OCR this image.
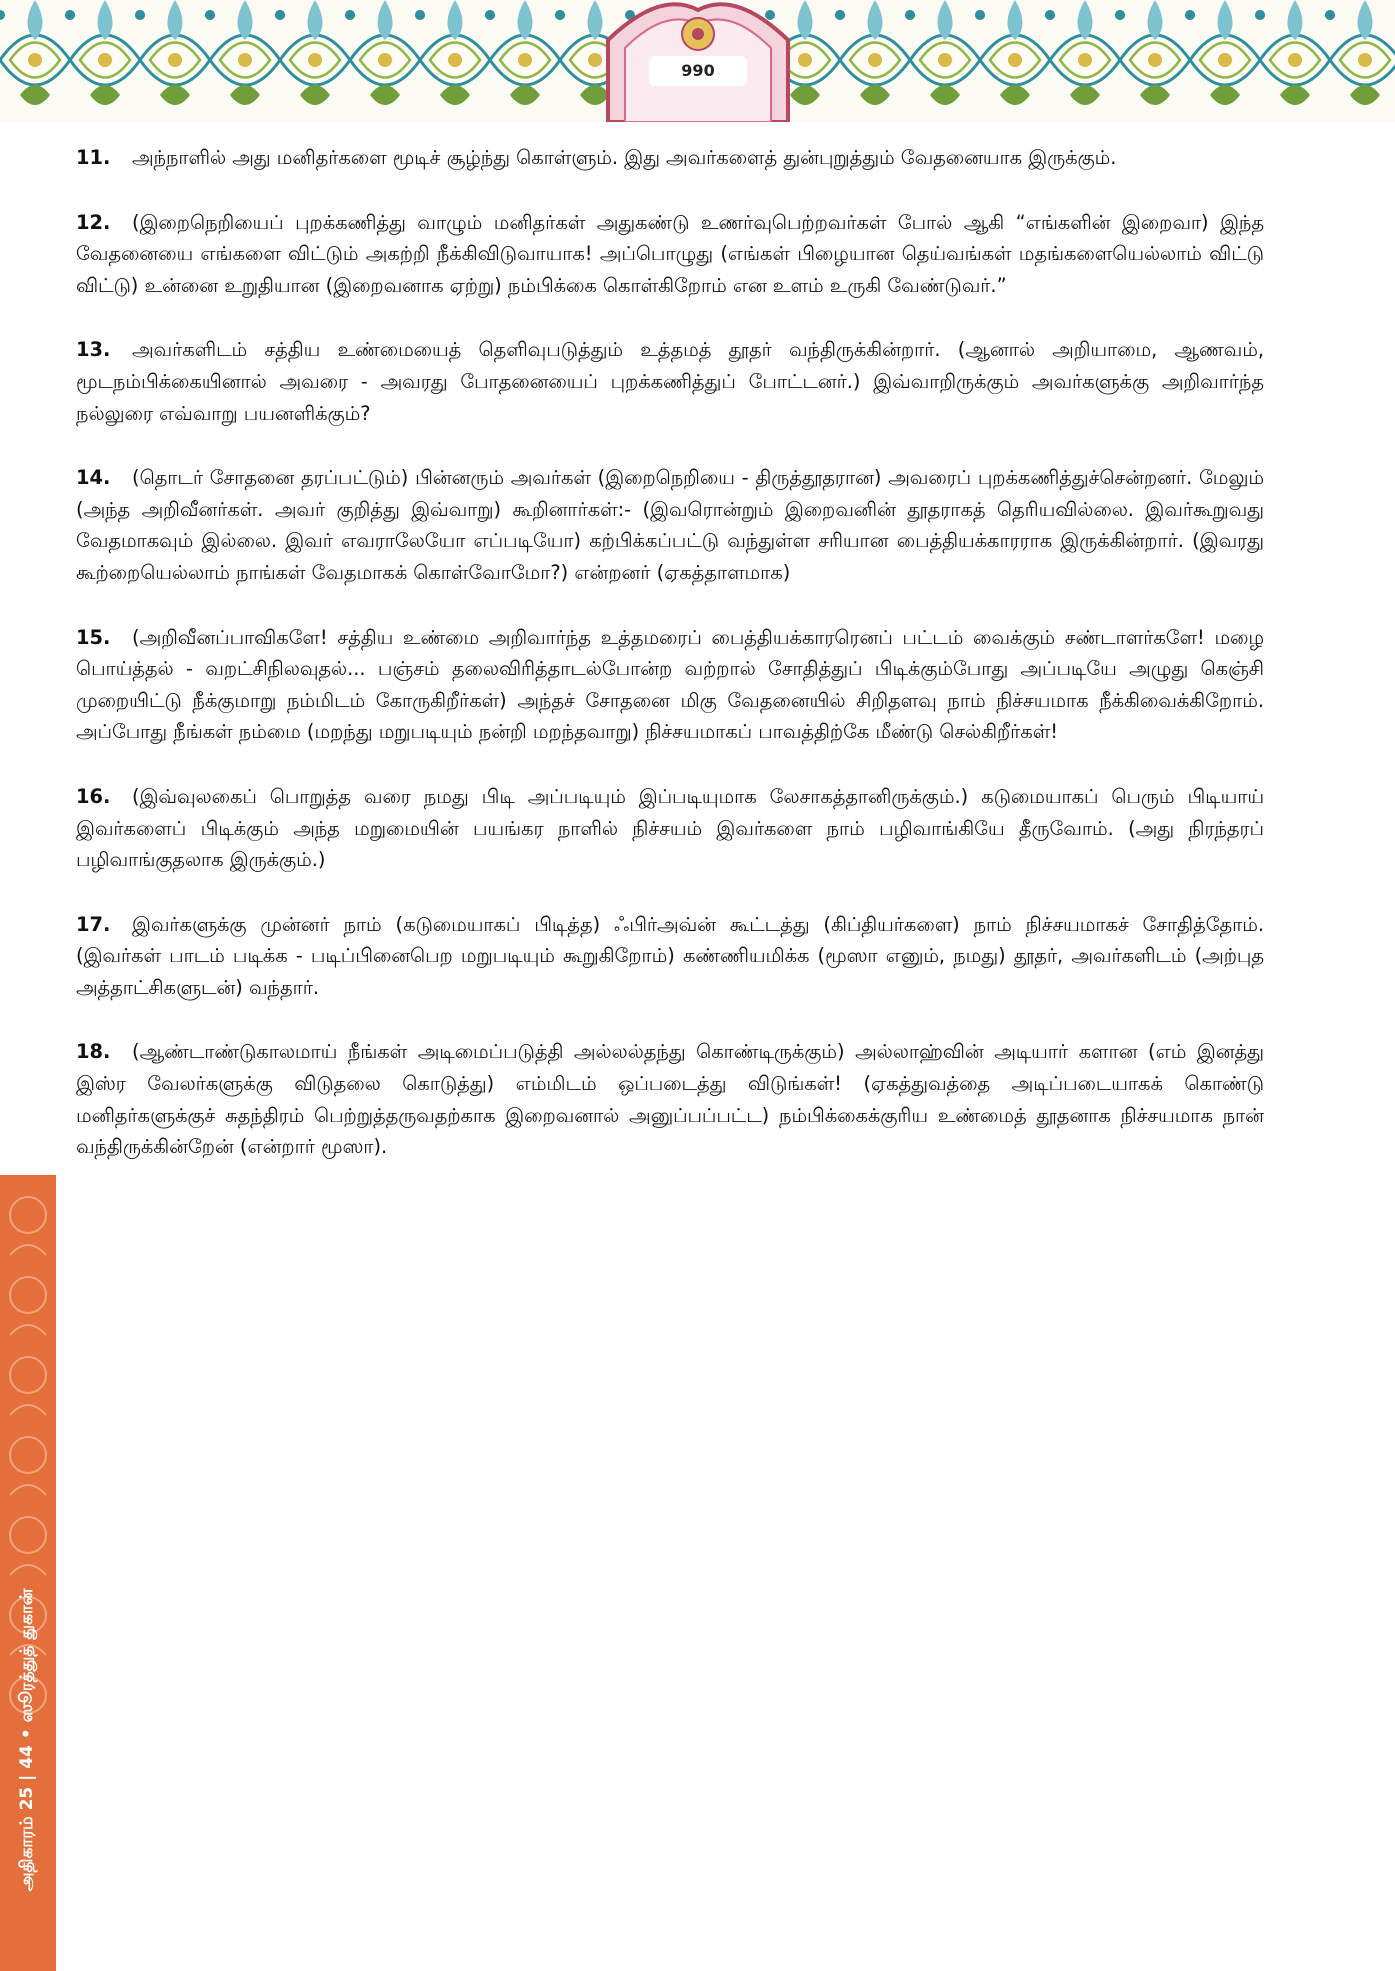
990
அதிகாரம் 25 | 44 • ஸூரத்துத் துகான்

11. அந்நாளில் அது மனிதர்களை மூடிச் சூழ்ந்து கொள்ளும். இது அவர்களைத் துன்புறுத்தும் வேதனையாக இருக்கும்.

12. (இறைநெறியைப் புறக்கணித்து வாழும் மனிதர்கள் அதுகண்டு உணர்வுபெற்றவர்கள் போல் ஆகி “எங்களின் இறைவா) இந்த வேதனையை எங்களை விட்டும் அகற்றி நீக்கிவிடுவாயாக! அப்பொழுது (எங்கள் பிழையான தெய்வங்கள் மதங்களையெல்லாம் விட்டு விட்டு) உன்னை உறுதியான (இறைவனாக ஏற்று) நம்பிக்கை கொள்கிறோம் என உளம் உருகி வேண்டுவர்.”

13. அவர்களிடம் சத்திய உண்மையைத் தெளிவுபடுத்தும் உத்தமத் தூதர் வந்திருக்கின்றார். (ஆனால் அறியாமை, ஆணவம், மூடநம்பிக்கையினால் அவரை - அவரது போதனையைப் புறக்கணித்துப் போட்டனர்.) இவ்வாறிருக்கும் அவர்களுக்கு அறிவார்ந்த நல்லுரை எவ்வாறு பயனளிக்கும்?

14. (தொடர் சோதனை தரப்பட்டும்) பின்னரும் அவர்கள் (இறைநெறியை - திருத்தூதரான) அவரைப் புறக்கணித்துச்சென்றனர். மேலும் (அந்த அறிவீனர்கள். அவர் குறித்து இவ்வாறு) கூறினார்கள்:- (இவரொன்றும் இறைவனின் தூதராகத் தெரியவில்லை. இவர்கூறுவது வேதமாகவும் இல்லை. இவர் எவராலேயோ எப்படியோ) கற்பிக்கப்பட்டு வந்துள்ள சரியான பைத்தியக்காரராக இருக்கின்றார். (இவரது கூற்றையெல்லாம் நாங்கள் வேதமாகக் கொள்வோமோ?) என்றனர் (ஏகத்தாளமாக)

15. (அறிவீனப்பாவிகளே! சத்திய உண்மை அறிவார்ந்த உத்தமரைப் பைத்தியக்காரரெனப் பட்டம் வைக்கும் சண்டாளர்களே! மழை பொய்த்தல் - வறட்சிநிலவுதல்... பஞ்சம் தலைவிரித்தாடல்போன்ற வற்றால் சோதித்துப் பிடிக்கும்போது அப்படியே அழுது கெஞ்சி முறையிட்டு நீக்குமாறு நம்மிடம் கோருகிறீர்கள்) அந்தச் சோதனை மிகு வேதனையில் சிறிதளவு நாம் நிச்சயமாக நீக்கிவைக்கிறோம். அப்போது நீங்கள் நம்மை (மறந்து மறுபடியும் நன்றி மறந்தவாறு) நிச்சயமாகப் பாவத்திற்கே மீண்டு செல்கிறீர்கள்!

16. (இவ்வுலகைப் பொறுத்த வரை நமது பிடி அப்படியும் இப்படியுமாக லேசாகத்தானிருக்கும்.) கடுமையாகப் பெரும் பிடியாய் இவர்களைப் பிடிக்கும் அந்த மறுமையின் பயங்கர நாளில் நிச்சயம் இவர்களை நாம் பழிவாங்கியே தீருவோம். (அது நிரந்தரப் பழிவாங்குதலாக இருக்கும்.)

17. இவர்களுக்கு முன்னர் நாம் (கடுமையாகப் பிடித்த) ஃபிர்அவ்ன் கூட்டத்து (கிப்தியர்களை) நாம் நிச்சயமாகச் சோதித்தோம். (இவர்கள் பாடம் படிக்க - படிப்பினைபெற மறுபடியும் கூறுகிறோம்) கண்ணியமிக்க (மூஸா எனும், நமது) தூதர், அவர்களிடம் (அற்புத அத்தாட்சிகளுடன்) வந்தார்.

18. (ஆண்டாண்டுகாலமாய் நீங்கள் அடிமைப்படுத்தி அல்லல்தந்து கொண்டிருக்கும்) அல்லாஹ்வின் அடியார் களான (எம் இனத்து இஸ்ர வேலர்களுக்கு விடுதலை கொடுத்து) எம்மிடம் ஒப்படைத்து விடுங்கள்! (ஏகத்துவத்தை அடிப்படையாகக் கொண்டு மனிதர்களுக்குச் சுதந்திரம் பெற்றுத்தருவதற்காக இறைவனால் அனுப்பப்பட்ட) நம்பிக்கைக்குரிய உண்மைத் தூதனாக நிச்சயமாக நான் வந்திருக்கின்றேன் (என்றார் மூஸா).
